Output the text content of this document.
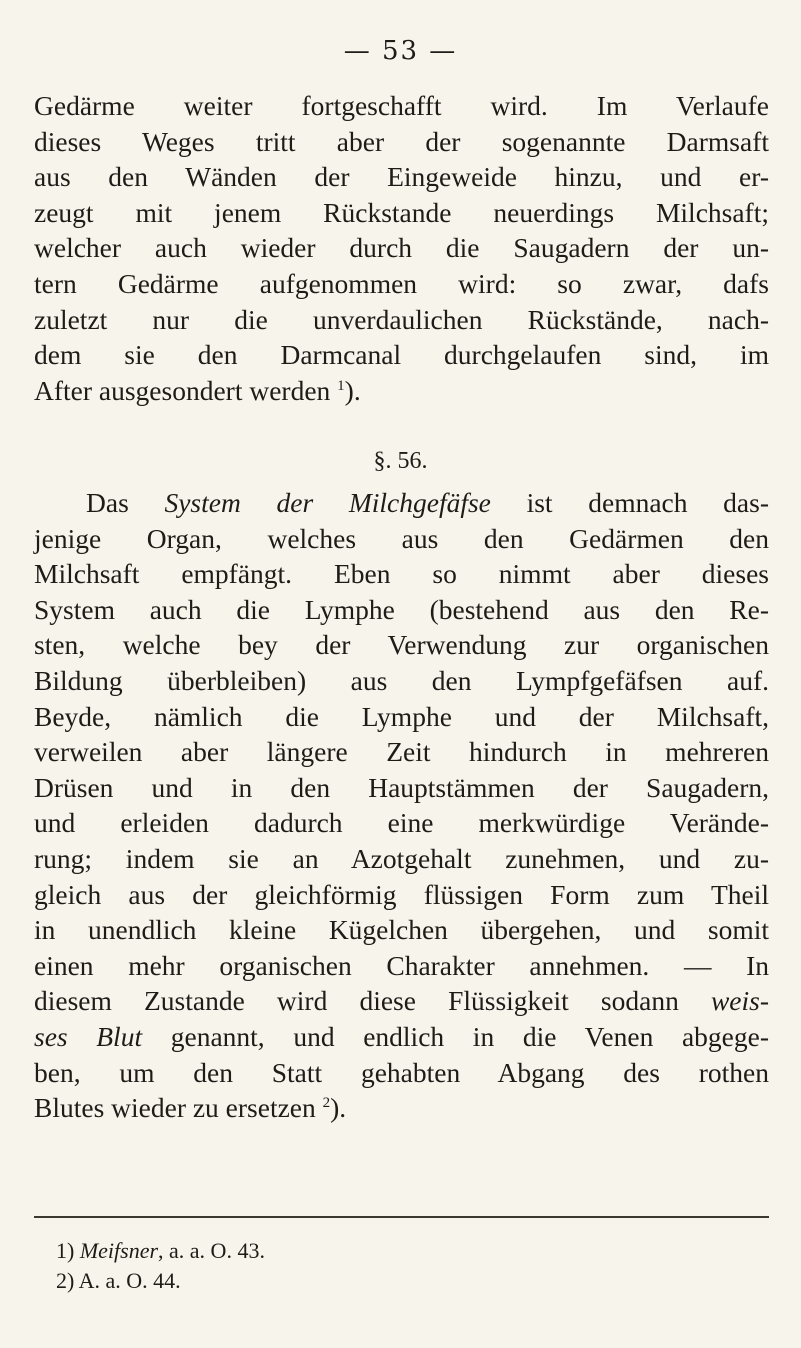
— 53 —
Gedärme weiter fortgeschafft wird. Im Verlaufe
dieses Weges tritt aber der sogenannte Darmsaft
aus den Wänden der Eingeweide hinzu, und er-
zeugt mit jenem Rückstande neuerdings Milchsaft;
welcher auch wieder durch die Saugadern der un-
tern Gedärme aufgenommen wird: so zwar, dafs
zuletzt nur die unverdaulichen Rückstände, nach-
dem sie den Darmcanal durchgelaufen sind, im
After ausgesondert werden $^1$).
§. 56.
Das System der Milchgefäfse ist demnach das-
jenige Organ, welches aus den Gedärmen den
Milchsaft empfängt. Eben so nimmt aber dieses
System auch die Lymphe (bestehend aus den Re-
sten, welche bey der Verwendung zur organischen
Bildung überbleiben) aus den Lympfgefäfsen auf.
Beyde, nämlich die Lymphe und der Milchsaft,
verweilen aber längere Zeit hindurch in mehreren
Drüsen und in den Hauptstämmen der Saugadern,
und erleiden dadurch eine merkwürdige Verände-
rung; indem sie an Azotgehalt zunehmen, und zu-
gleich aus der gleichförmig flüssigen Form zum Theil
in unendlich kleine Kügelchen übergehen, und somit
einen mehr organischen Charakter annehmen. — In
diesem Zustande wird diese Flüssigkeit sodann weis-
ses Blut genannt, und endlich in die Venen abgege-
ben, um den Statt gehabten Abgang des rothen
Blutes wieder zu ersetzen $^2$).
1) Meifsner, a. a. O. 43.
2) A. a. O. 44.
